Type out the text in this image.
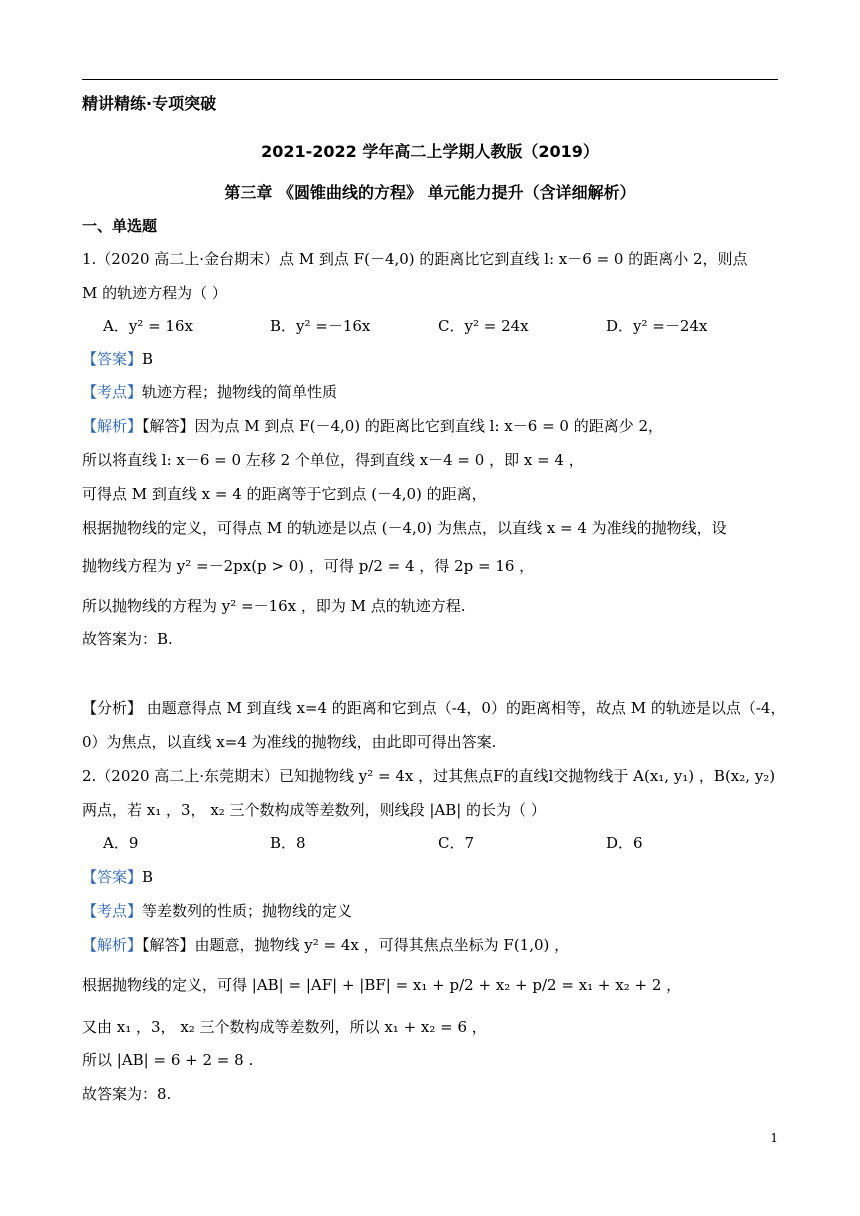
精讲精练·专项突破
2021-2022 学年高二上学期人教版（2019）
第三章 《圆锥曲线的方程》 单元能力提升（含详细解析）
一、单选题
1.（2020 高二上·金台期末）点 M 到点 F(－4,0) 的距离比它到直线 l: x－6 = 0 的距离小 2，则点
M 的轨迹方程为（ ）
A．y² = 16x	B．y² =－16x	C．y² = 24x	D．y² =－24x
【答案】B
【考点】轨迹方程；抛物线的简单性质
【解析】【解答】因为点 M 到点 F(－4,0) 的距离比它到直线 l: x－6 = 0 的距离少 2，
所以将直线 l: x－6 = 0 左移 2 个单位，得到直线 x－4 = 0 ，即 x = 4 ，
可得点 M 到直线 x = 4 的距离等于它到点 (－4,0) 的距离，
根据抛物线的定义，可得点 M 的轨迹是以点 (－4,0) 为焦点，以直线 x = 4 为准线的抛物线，设
抛物线方程为 y² =－2px(p > 0) ，可得 p/2 = 4 ，得 2p = 16 ，
所以抛物线的方程为 y² =－16x ，即为 M 点的轨迹方程.
故答案为：B.
【分析】 由题意得点 M 到直线 x=4 的距离和它到点（-4，0）的距离相等，故点 M 的轨迹是以点（-4，
0）为焦点，以直线 x=4 为准线的抛物线，由此即可得出答案.
2.（2020 高二上·东莞期末）已知抛物线 y² = 4x ，过其焦点F的直线l交抛物线于 A(x₁, y₁) ，B(x₂, y₂)
两点，若 x₁ ，3， x₂ 三个数构成等差数列，则线段 |AB| 的长为（ ）
A．9	B．8	C．7	D．6
【答案】B
【考点】等差数列的性质；抛物线的定义
【解析】【解答】由题意，抛物线 y² = 4x ，可得其焦点坐标为 F(1,0) ，
根据抛物线的定义，可得 |AB| = |AF| + |BF| = x₁ + p/2 + x₂ + p/2 = x₁ + x₂ + 2 ，
又由 x₁ ，3， x₂ 三个数构成等差数列，所以 x₁ + x₂ = 6 ，
所以 |AB| = 6 + 2 = 8 .
故答案为：8.
1
